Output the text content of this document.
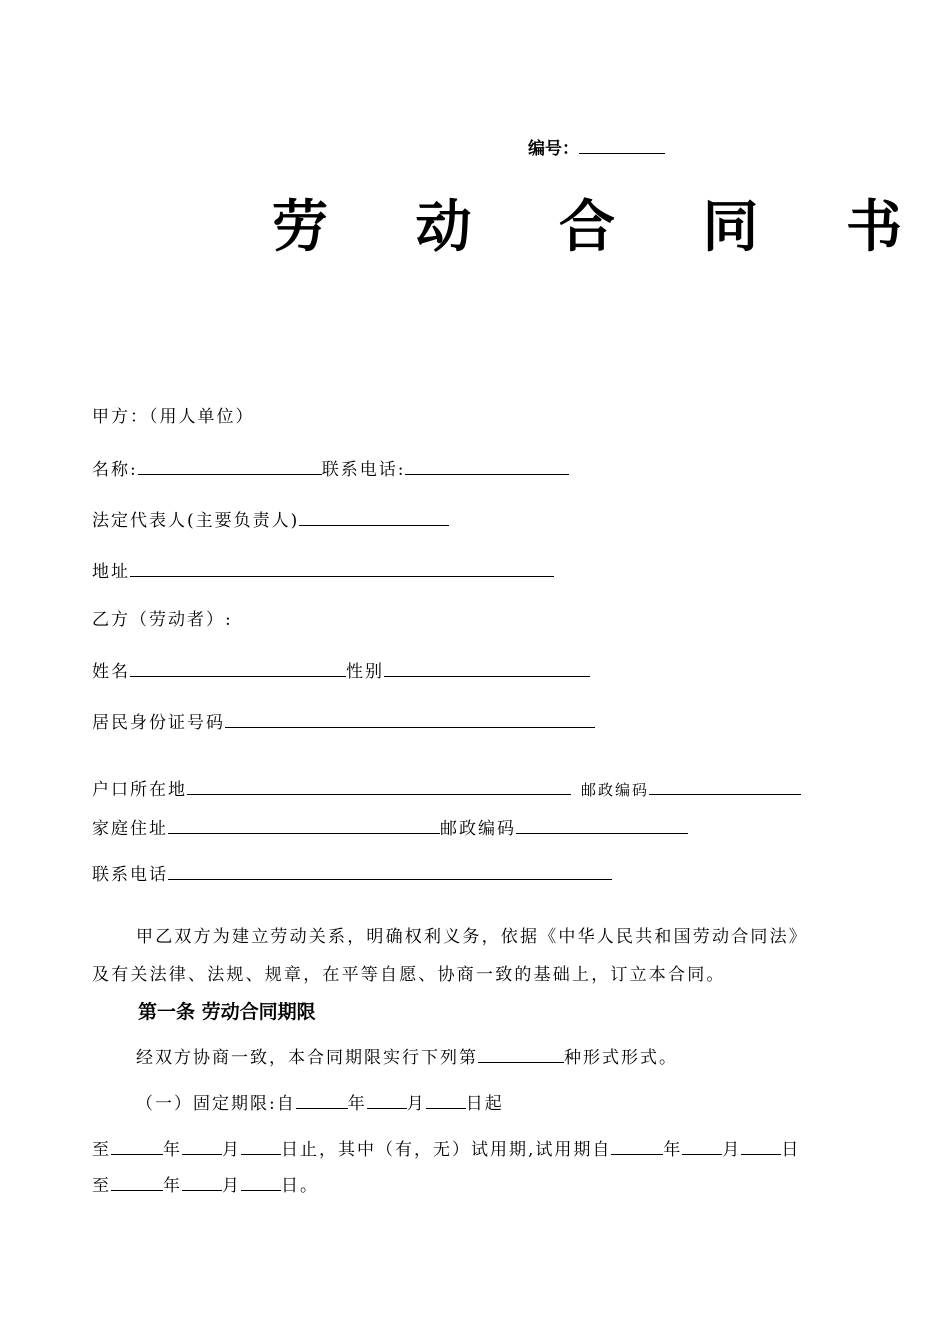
编号：
劳 动 合 同 书
甲方：（用人单位）
名称:	联系电话:
法定代表人(主要负责人)
地址
乙方（劳动者）:
姓名	性别
居民身份证号码
户口所在地	邮政编码
家庭住址	邮政编码
联系电话
甲乙双方为建立劳动关系，明确权利义务，依据《中华人民共和国劳动合同法》
及有关法律、法规、规章，在平等自愿、协商一致的基础上，订立本合同。
第一条 劳动合同期限
经双方协商一致，本合同期限实行下列第	种形式形式。
（一）固定期限:自	年 月 日起
至	年 月 日止，其中（有，无）试用期,试用期自	年 月 日
至	年 月 日。
